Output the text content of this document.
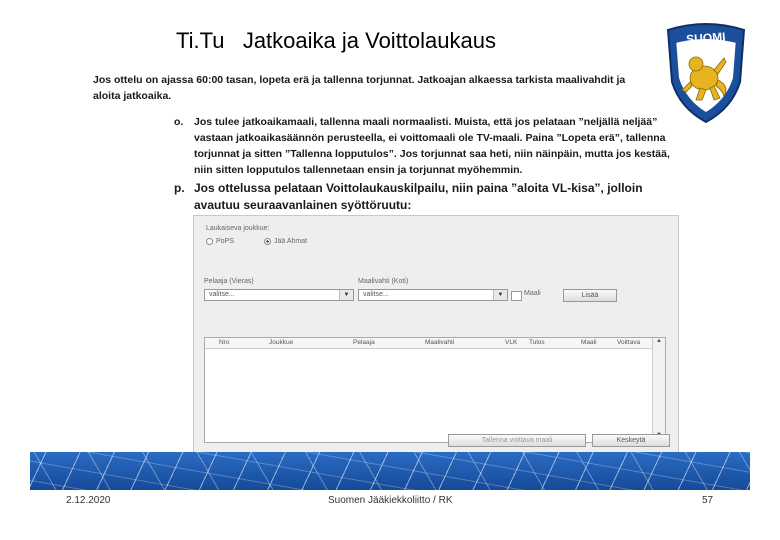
Ti.Tu   Jatkoaika ja Voittolaukaus	SUOMI
Jos ottelu on ajassa 60:00 tasan, lopeta erä ja tallenna torjunnat. Jatkoajan alkaessa tarkista maalivahdit ja aloita jatkoaika.
o. Jos tulee jatkoaikamaali, tallenna maali normaalisti. Muista, että jos pelataan ”neljällä neljää” vastaan jatkoaikasäännön perusteella, ei voittomaali ole TV-maali. Paina ”Lopeta erä”, tallenna torjunnat ja sitten ”Tallenna lopputulos”. Jos torjunnat saa heti, niin näinpäin, mutta jos kestää, niin sitten lopputulos tallennetaan ensin ja torjunnat myöhemmin.
p. Jos ottelussa pelataan Voittolaukauskilpailu, niin paina ”aloita VL-kisa”, jolloin avautuu seuraavanlainen syöttöruutu:
Laukaiseva joukkue:
PoPS	Jää Ahmat
Pelaaja (Vieras)
valitse...	▼
Maalivahti (Koti)
valitse...	▼	Maali	Lisää
Nro	Joukkue	Pelaaja	Maalivahti	VLK Tulos	Maali	Voittava	▲
Tallenna voittava maali	Keskeytä
2.12.2020	Suomen Jääkiekkoliitto / RK	57
